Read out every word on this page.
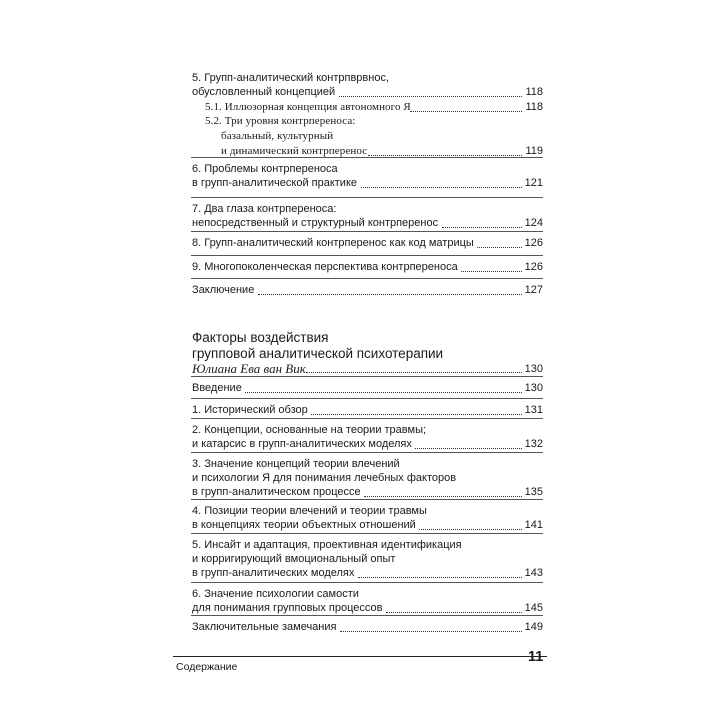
5. Групп-аналитический контрпврвнос,
обусловленный концепцией	118
5.1. Иллюзорная концепция автономного Я	118
5.2. Три уровня контрпереноса:
базальный, культурный
и динамический контрперенос	119
6. Проблемы контрпереноса
в групп-аналитической практике	121
7. Два глаза контрпереноса:
непосредственный и структурный контрперенос	124
8. Групп-аналитический контрперенос как код матрицы	126
9. Многопоколенческая перспектива контрпереноса	126
Заключение	127
Факторы воздействия
групповой аналитической психотерапии
Юлиана Ева ван Вик	130
Введение	130
1. Исторический обзор	131
2. Концепции, основанные на теории травмы;
и катарсис в групп-аналитических моделях	132
3. Значение концепций теории влечений
и психологии Я для понимания лечебных факторов
в групп-аналитическом процессе	135
4. Позиции теории влечений и теории травмы
в концепциях теории объектных отношений	141
5. Инсайт и адаптация, проективная идентификация
и корригирующий вмоциональный опыт
в групп-аналитических моделях	143
6. Значение психологии самости
для понимания групповых процессов	145
Заключительные замечания	149
Содержание
11
